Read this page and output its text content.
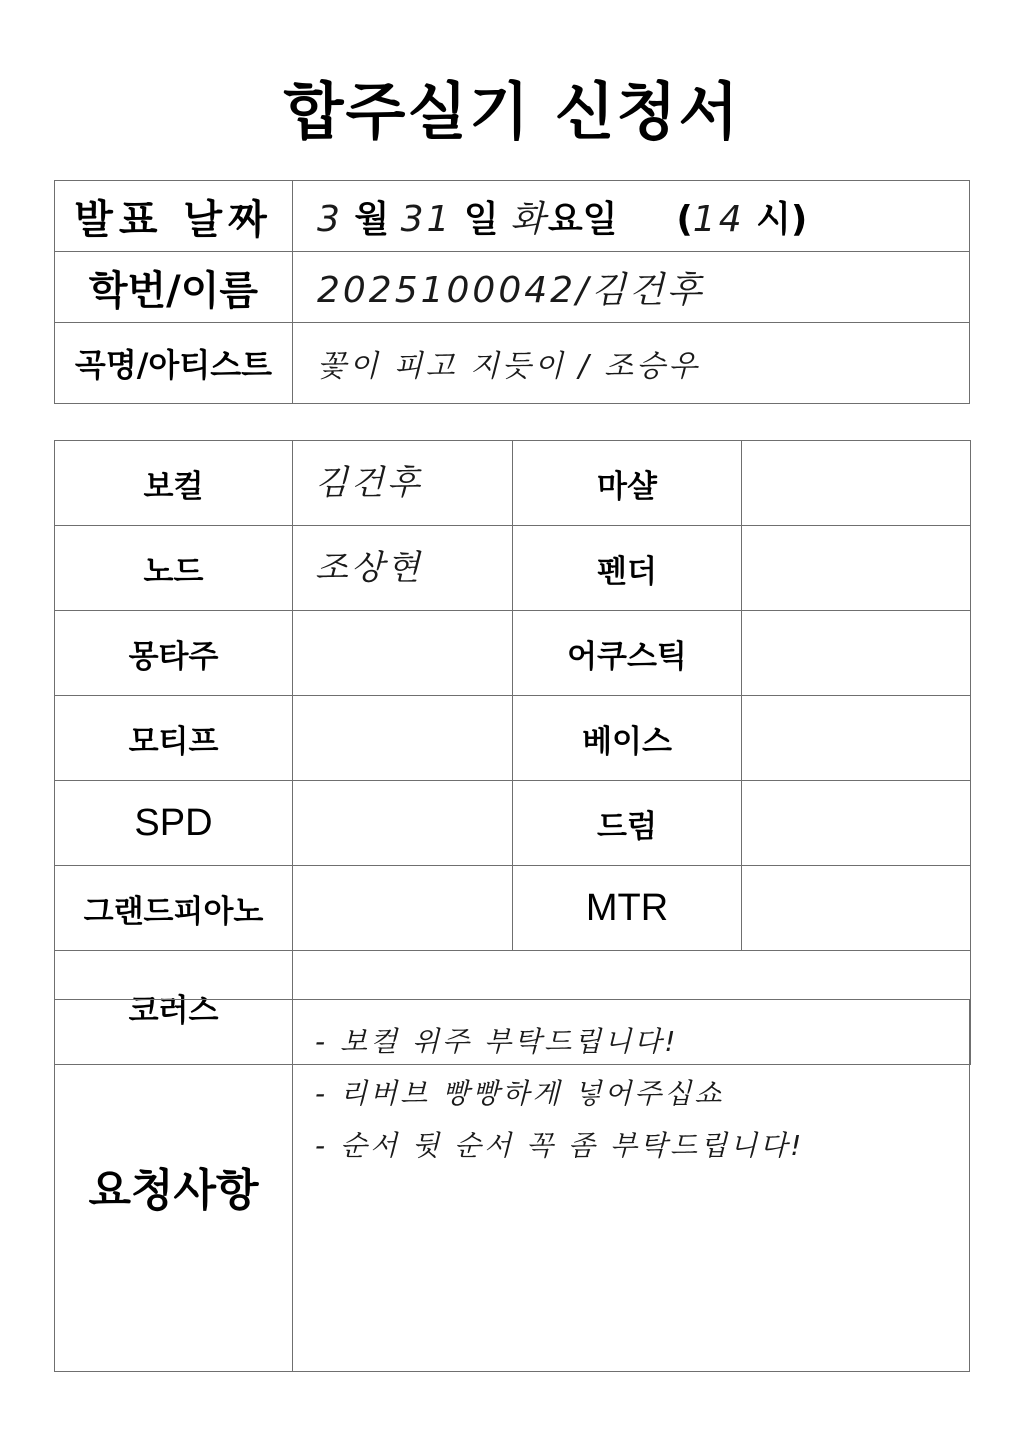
합주실기 신청서
발표 날짜	3 월 31 일 화요일 (14 시)
학번/이름	2025100042/김건후
곡명/아티스트	꽃이 피고 지듯이 / 조승우
보컬	김건후	마샬	
노드	조상현	펜더	
몽타주		어쿠스틱	
모티프		베이스	
SPD		드럼	
그랜드피아노		MTR	
코러스			
요청사항	
- 보컬 위주 부탁드립니다!
- 리버브 빵빵하게 넣어주십쇼
- 순서 뒷 순서 꼭 좀 부탁드립니다!
